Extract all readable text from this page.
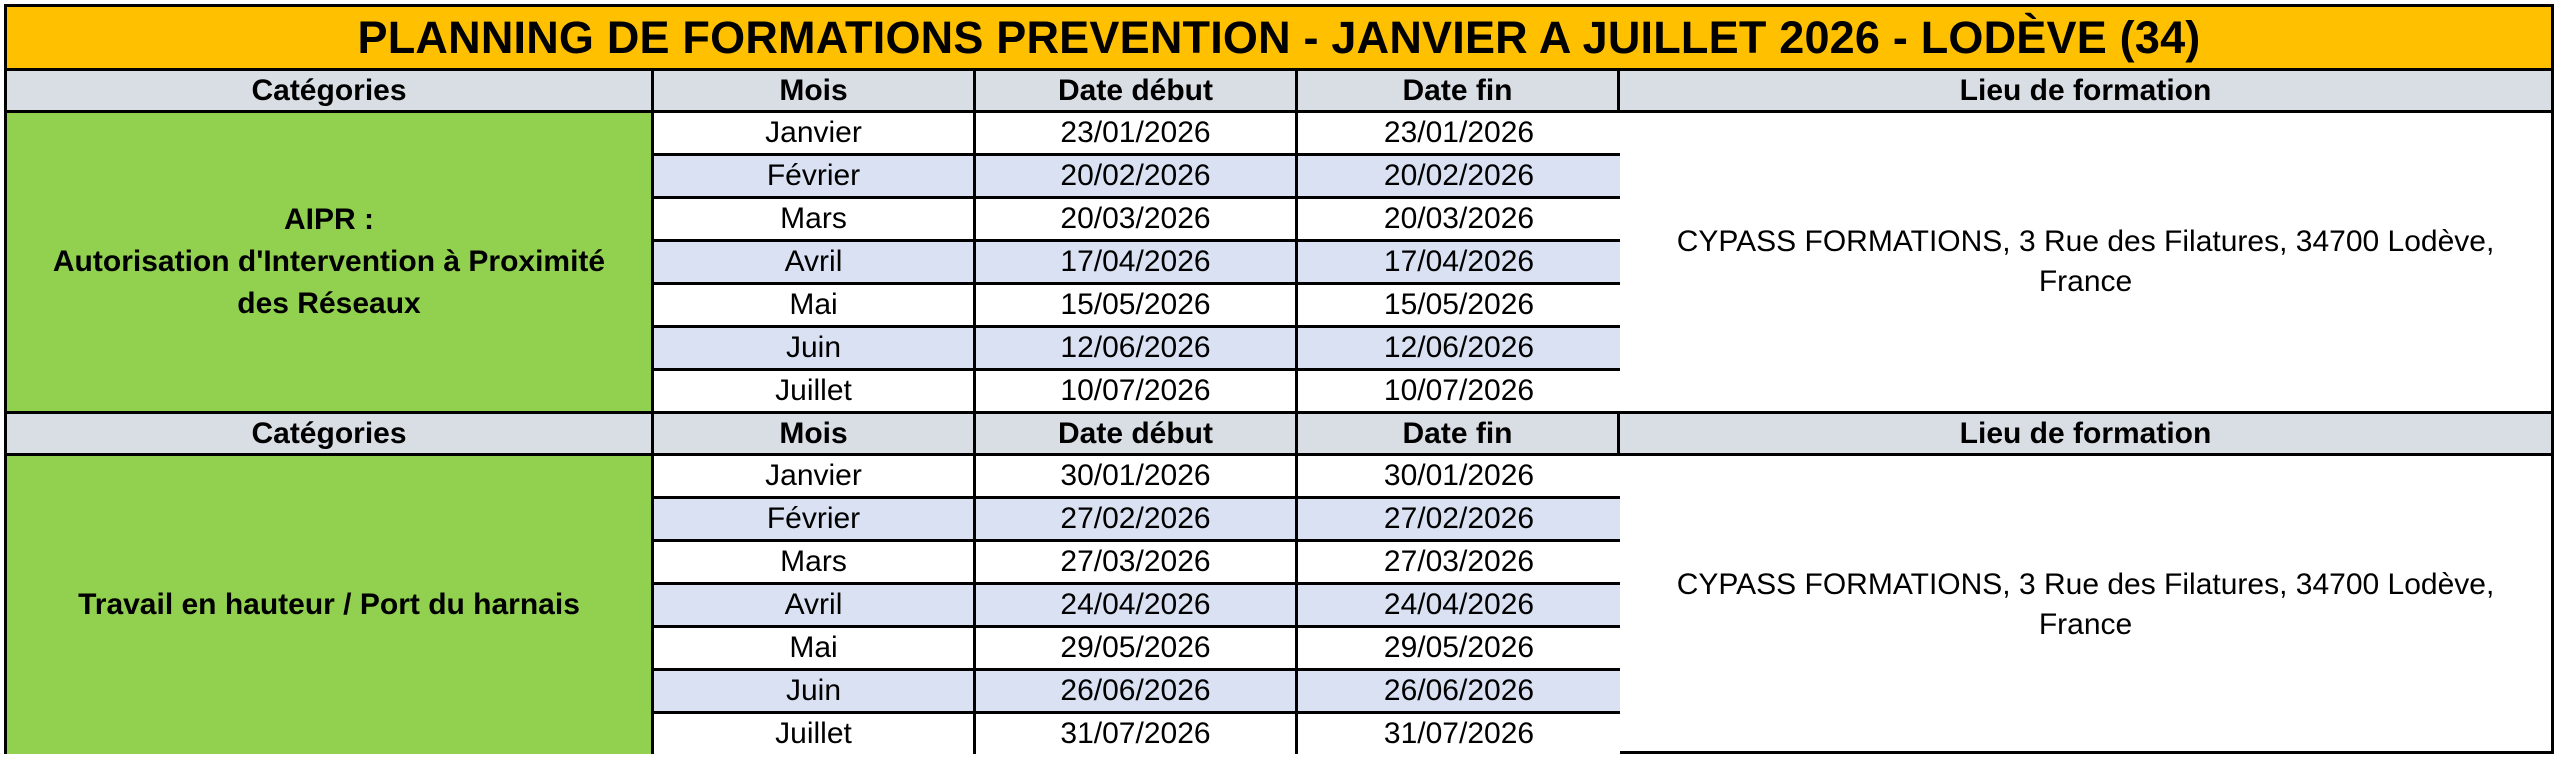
PLANNING DE FORMATIONS PREVENTION - JANVIER A JUILLET 2026 - LODÈVE (34)
Catégories	Mois	Date début	Date fin	Lieu de formation
AIPR :
Autorisation d'Intervention à Proximité
des Réseaux
Janvier	23/01/2026	23/01/2026
Février	20/02/2026	20/02/2026
Mars	20/03/2026	20/03/2026
Avril	17/04/2026	17/04/2026
Mai	15/05/2026	15/05/2026
Juin	12/06/2026	12/06/2026
Juillet	10/07/2026	10/07/2026
CYPASS FORMATIONS, 3 Rue des Filatures, 34700 Lodève, France
Catégories	Mois	Date début	Date fin	Lieu de formation
Travail en hauteur / Port du harnais
Janvier	30/01/2026	30/01/2026
Février	27/02/2026	27/02/2026
Mars	27/03/2026	27/03/2026
Avril	24/04/2026	24/04/2026
Mai	29/05/2026	29/05/2026
Juin	26/06/2026	26/06/2026
Juillet	31/07/2026	31/07/2026
CYPASS FORMATIONS, 3 Rue des Filatures, 34700 Lodève, France
